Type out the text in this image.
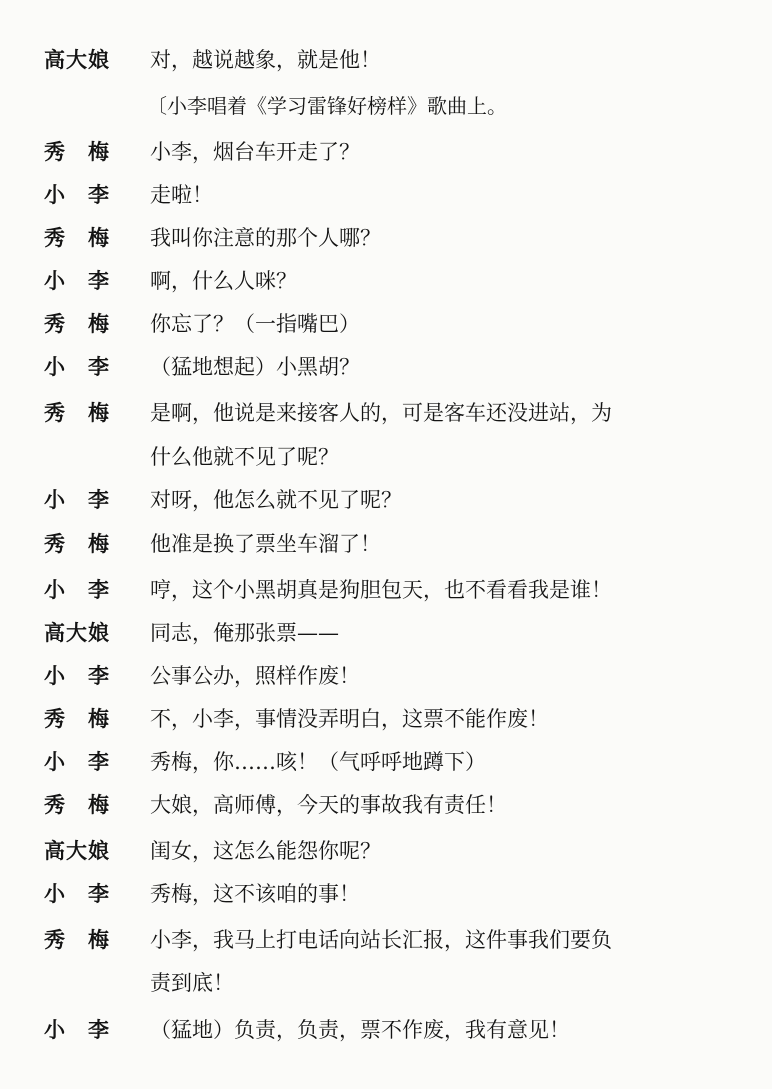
高大娘 对，越说越象，就是他！
〔小李唱着《学习雷锋好榜样》歌曲上。
秀　梅 小李，烟台车开走了？
小　李 走啦！
秀　梅 我叫你注意的那个人哪？
小　李 啊，什么人咪？
秀　梅 你忘了？（一指嘴巴）
小　李 （猛地想起）小黑胡？
秀　梅 是啊，他说是来接客人的，可是客车还没进站，为
什么他就不见了呢？
小　李 对呀，他怎么就不见了呢？
秀　梅 他准是换了票坐车溜了！
小　李 哼，这个小黑胡真是狗胆包天，也不看看我是谁！
高大娘 同志，俺那张票——
小　李 公事公办，照样作废！
秀　梅 不，小李，事情没弄明白，这票不能作废！
小　李 秀梅，你……咳！（气呼呼地蹲下）
秀　梅 大娘，高师傅，今天的事故我有责任！
高大娘 闺女，这怎么能怨你呢？
小　李 秀梅，这不该咱的事！
秀　梅 小李，我马上打电话向站长汇报，这件事我们要负
责到底！
小　李 （猛地）负责，负责，票不作废，我有意见！
